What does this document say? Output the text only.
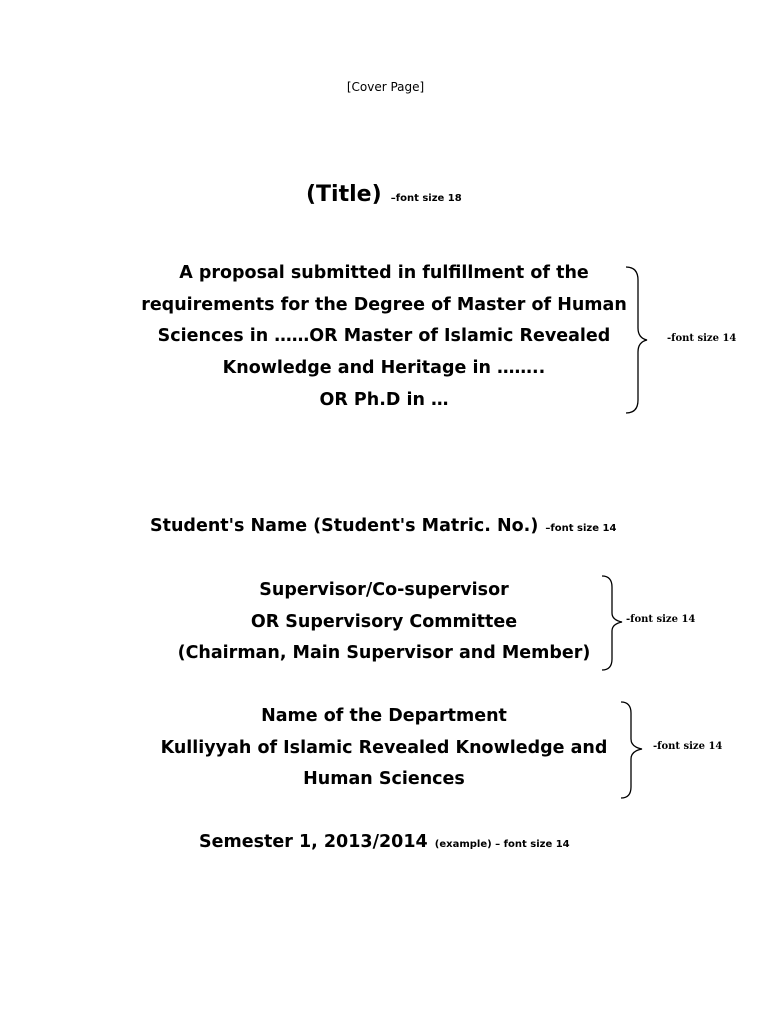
[Cover Page]
(Title) –font size 18
A proposal submitted in fulfillment of the
requirements for the Degree of Master of Human
Sciences in ……OR Master of Islamic Revealed
Knowledge and Heritage in ……..
OR Ph.D in …
-font size 14
Student's Name (Student's Matric. No.) –font size 14
Supervisor/Co-supervisor
OR Supervisory Committee
(Chairman, Main Supervisor and Member)
-font size 14
Name of the Department
Kulliyyah of Islamic Revealed Knowledge and
Human Sciences
-font size 14
Semester 1, 2013/2014 (example) – font size 14
